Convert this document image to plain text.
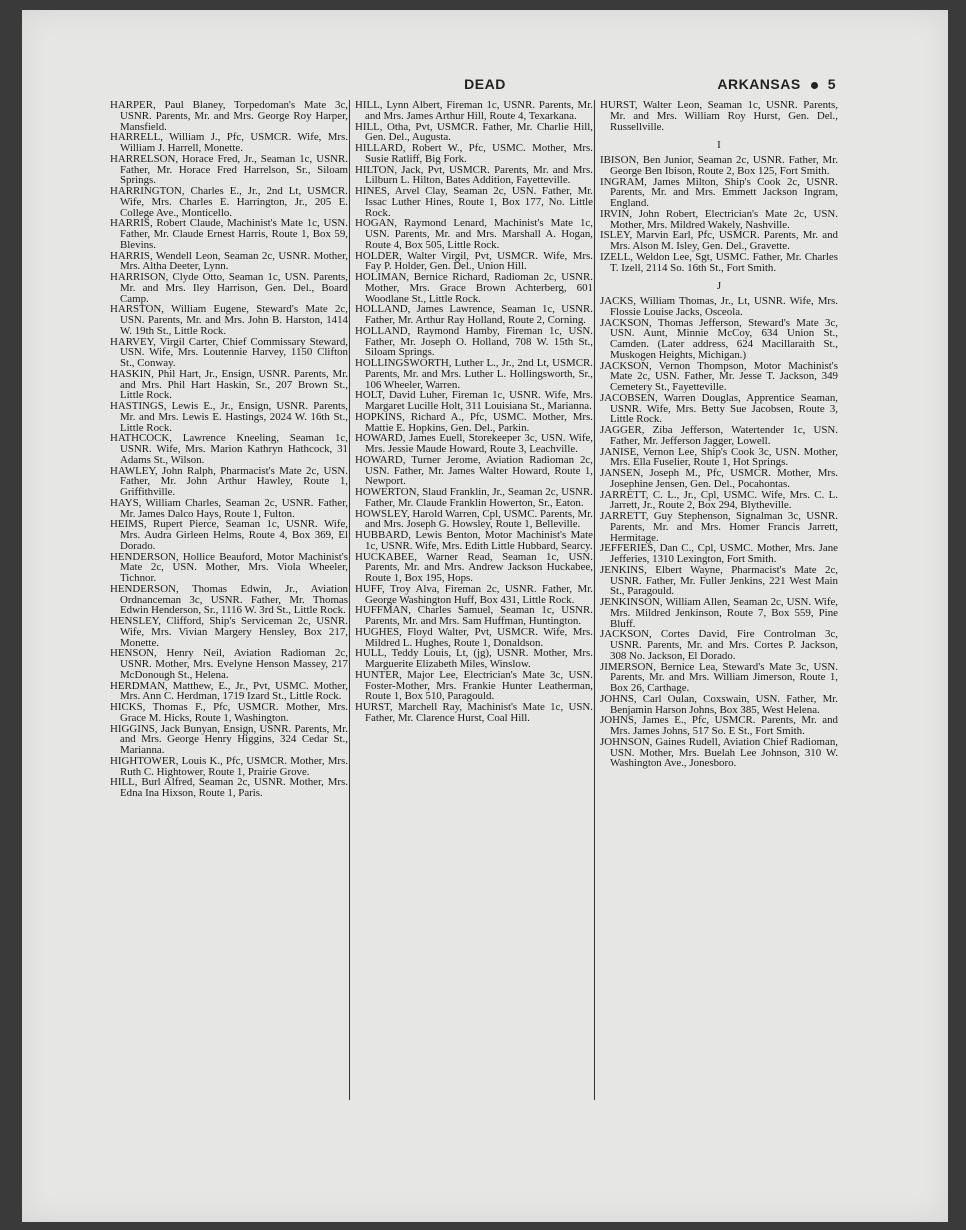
DEAD	ARKANSAS 5

HARPER, Paul Blaney, Torpedoman's Mate 3c, USNR. Parents, Mr. and Mrs. George Roy Harper, Mansfield.

HARRELL, William J., Pfc, USMCR. Wife, Mrs. William J. Harrell, Monette.

HARRELSON, Horace Fred, Jr., Seaman 1c, USNR. Father, Mr. Horace Fred Harrelson, Sr., Siloam Springs.

HARRINGTON, Charles E., Jr., 2nd Lt, USMCR. Wife, Mrs. Charles E. Harrington, Jr., 205 E. College Ave., Monticello.

HARRIS, Robert Claude, Machinist's Mate 1c, USN. Father, Mr. Claude Ernest Harris, Route 1, Box 59, Blevins.

HARRIS, Wendell Leon, Seaman 2c, USNR. Mother, Mrs. Altha Deeter, Lynn.

HARRISON, Clyde Otto, Seaman 1c, USN. Parents, Mr. and Mrs. Iley Harrison, Gen. Del., Board Camp.

HARSTON, William Eugene, Steward's Mate 2c, USN. Parents, Mr. and Mrs. John B. Harston, 1414 W. 19th St., Little Rock.

HARVEY, Virgil Carter, Chief Commissary Steward, USN. Wife, Mrs. Loutennie Harvey, 1150 Clifton St., Conway.

HASKIN, Phil Hart, Jr., Ensign, USNR. Parents, Mr. and Mrs. Phil Hart Haskin, Sr., 207 Brown St., Little Rock.

HASTINGS, Lewis E., Jr., Ensign, USNR. Parents, Mr. and Mrs. Lewis E. Hastings, 2024 W. 16th St., Little Rock.

HATHCOCK, Lawrence Kneeling, Seaman 1c, USNR. Wife, Mrs. Marion Kathryn Hathcock, 31 Adams St., Wilson.

HAWLEY, John Ralph, Pharmacist's Mate 2c, USN. Father, Mr. John Arthur Hawley, Route 1, Griffithville.

HAYS, William Charles, Seaman 2c, USNR. Father, Mr. James Dalco Hays, Route 1, Fulton.

HEIMS, Rupert Pierce, Seaman 1c, USNR. Wife, Mrs. Audra Girleen Helms, Route 4, Box 369, El Dorado.

HENDERSON, Hollice Beauford, Motor Machinist's Mate 2c, USN. Mother, Mrs. Viola Wheeler, Tichnor.

HENDERSON, Thomas Edwin, Jr., Aviation Ordnanceman 3c, USNR. Father, Mr. Thomas Edwin Henderson, Sr., 1116 W. 3rd St., Little Rock.

HENSLEY, Clifford, Ship's Serviceman 2c, USNR. Wife, Mrs. Vivian Margery Hensley, Box 217, Monette.

HENSON, Henry Neil, Aviation Radioman 2c, USNR. Mother, Mrs. Evelyne Henson Massey, 217 McDonough St., Helena.

HERDMAN, Matthew, E., Jr., Pvt, USMC. Mother, Mrs. Ann C. Herdman, 1719 Izard St., Little Rock.

HICKS, Thomas F., Pfc, USMCR. Mother, Mrs. Grace M. Hicks, Route 1, Washington.

HIGGINS, Jack Bunyan, Ensign, USNR. Parents, Mr. and Mrs. George Henry Higgins, 324 Cedar St., Marianna.

HIGHTOWER, Louis K., Pfc, USMCR. Mother, Mrs. Ruth C. Hightower, Route 1, Prairie Grove.

HILL, Burl Alfred, Seaman 2c, USNR. Mother, Mrs. Edna Ina Hixson, Route 1, Paris.

HILL, Lynn Albert, Fireman 1c, USNR. Parents, Mr. and Mrs. James Arthur Hill, Route 4, Texarkana.

HILL, Otha, Pvt, USMCR. Father, Mr. Charlie Hill, Gen. Del., Augusta.

HILLARD, Robert W., Pfc, USMC. Mother, Mrs. Susie Ratliff, Big Fork.

HILTON, Jack, Pvt, USMCR. Parents, Mr. and Mrs. Lilburn L. Hilton, Bates Addition, Fayetteville.

HINES, Arvel Clay, Seaman 2c, USN. Father, Mr. Issac Luther Hines, Route 1, Box 177, No. Little Rock.

HOGAN, Raymond Lenard, Machinist's Mate 1c, USN. Parents, Mr. and Mrs. Marshall A. Hogan, Route 4, Box 505, Little Rock.

HOLDER, Walter Virgil, Pvt, USMCR. Wife, Mrs. Fay P. Holder, Gen. Del., Union Hill.

HOLIMAN, Bernice Richard, Radioman 2c, USNR. Mother, Mrs. Grace Brown Achterberg, 601 Woodlane St., Little Rock.

HOLLAND, James Lawrence, Seaman 1c, USNR. Father, Mr. Arthur Ray Holland, Route 2, Corning.

HOLLAND, Raymond Hamby, Fireman 1c, USN. Father, Mr. Joseph O. Holland, 708 W. 15th St., Siloam Springs.

HOLLINGSWORTH, Luther L., Jr., 2nd Lt, USMCR. Parents, Mr. and Mrs. Luther L. Hollingsworth, Sr., 106 Wheeler, Warren.

HOLT, David Luher, Fireman 1c, USNR. Wife, Mrs. Margaret Lucille Holt, 311 Louisiana St., Marianna.

HOPKINS, Richard A., Pfc, USMC. Mother, Mrs. Mattie E. Hopkins, Gen. Del., Parkin.

HOWARD, James Euell, Storekeeper 3c, USN. Wife, Mrs. Jessie Maude Howard, Route 3, Leachville.

HOWARD, Turner Jerome, Aviation Radioman 2c, USN. Father, Mr. James Walter Howard, Route 1, Newport.

HOWERTON, Slaud Franklin, Jr., Seaman 2c, USNR. Father, Mr. Claude Franklin Howerton, Sr., Eaton.

HOWSLEY, Harold Warren, Cpl, USMC. Parents, Mr. and Mrs. Joseph G. Howsley, Route 1, Belleville.

HUBBARD, Lewis Benton, Motor Machinist's Mate 1c, USNR. Wife, Mrs. Edith Little Hubbard, Searcy.

HUCKABEE, Warner Read, Seaman 1c, USN. Parents, Mr. and Mrs. Andrew Jackson Huckabee, Route 1, Box 195, Hops.

HUFF, Troy Alva, Fireman 2c, USNR. Father, Mr. George Washington Huff, Box 431, Little Rock.

HUFFMAN, Charles Samuel, Seaman 1c, USNR. Parents, Mr. and Mrs. Sam Huffman, Huntington.

HUGHES, Floyd Walter, Pvt, USMCR. Wife, Mrs. Mildred L. Hughes, Route 1, Donaldson.

HULL, Teddy Louis, Lt, (jg), USNR. Mother, Mrs. Marguerite Elizabeth Miles, Winslow.

HUNTER, Major Lee, Electrician's Mate 3c, USN. Foster-Mother, Mrs. Frankie Hunter Leatherman, Route 1, Box 510, Paragould.

HURST, Marchell Ray, Machinist's Mate 1c, USN. Father, Mr. Clarence Hurst, Coal Hill.

HURST, Walter Leon, Seaman 1c, USNR. Parents, Mr. and Mrs. William Roy Hurst, Gen. Del., Russellville.

I

IBISON, Ben Junior, Seaman 2c, USNR. Father, Mr. George Ben Ibison, Route 2, Box 125, Fort Smith.

INGRAM, James Milton, Ship's Cook 2c, USNR. Parents, Mr. and Mrs. Emmett Jackson Ingram, England.

IRVIN, John Robert, Electrician's Mate 2c, USN. Mother, Mrs. Mildred Wakely, Nashville.

ISLEY, Marvin Earl, Pfc, USMCR. Parents, Mr. and Mrs. Alson M. Isley, Gen. Del., Gravette.

IZELL, Weldon Lee, Sgt, USMC. Father, Mr. Charles T. Izell, 2114 So. 16th St., Fort Smith.

J

JACKS, William Thomas, Jr., Lt, USNR. Wife, Mrs. Flossie Louise Jacks, Osceola.

JACKSON, Thomas Jefferson, Steward's Mate 3c, USN. Aunt, Minnie McCoy, 634 Union St., Camden. (Later address, 624 Macillaraith St., Muskogen Heights, Michigan.)

JACKSON, Vernon Thompson, Motor Machinist's Mate 2c, USN. Father, Mr. Jesse T. Jackson, 349 Cemetery St., Fayetteville.

JACOBSEN, Warren Douglas, Apprentice Seaman, USNR. Wife, Mrs. Betty Sue Jacobsen, Route 3, Little Rock.

JAGGER, Ziba Jefferson, Watertender 1c, USN. Father, Mr. Jefferson Jagger, Lowell.

JANISE, Vernon Lee, Ship's Cook 3c, USN. Mother, Mrs. Ella Fuselier, Route 1, Hot Springs.

JANSEN, Joseph M., Pfc, USMCR. Mother, Mrs. Josephine Jensen, Gen. Del., Pocahontas.

JARRETT, C. L., Jr., Cpl, USMC. Wife, Mrs. C. L. Jarrett, Jr., Route 2, Box 294, Blytheville.

JARRETT, Guy Stephenson, Signalman 3c, USNR. Parents, Mr. and Mrs. Homer Francis Jarrett, Hermitage.

JEFFERIES, Dan C., Cpl, USMC. Mother, Mrs. Jane Jefferies, 1310 Lexington, Fort Smith.

JENKINS, Elbert Wayne, Pharmacist's Mate 2c, USNR. Father, Mr. Fuller Jenkins, 221 West Main St., Paragould.

JENKINSON, William Allen, Seaman 2c, USN. Wife, Mrs. Mildred Jenkinson, Route 7, Box 559, Pine Bluff.

JACKSON, Cortes David, Fire Controlman 3c, USNR. Parents, Mr. and Mrs. Cortes P. Jackson, 308 No. Jackson, El Dorado.

JIMERSON, Bernice Lea, Steward's Mate 3c, USN. Parents, Mr. and Mrs. William Jimerson, Route 1, Box 26, Carthage.

JOHNS, Carl Oulan, Coxswain, USN. Father, Mr. Benjamin Harson Johns, Box 385, West Helena.

JOHNS, James E., Pfc, USMCR. Parents, Mr. and Mrs. James Johns, 517 So. E St., Fort Smith.

JOHNSON, Gaines Rudell, Aviation Chief Radioman, USN. Mother, Mrs. Buelah Lee Johnson, 310 W. Washington Ave., Jonesboro.
